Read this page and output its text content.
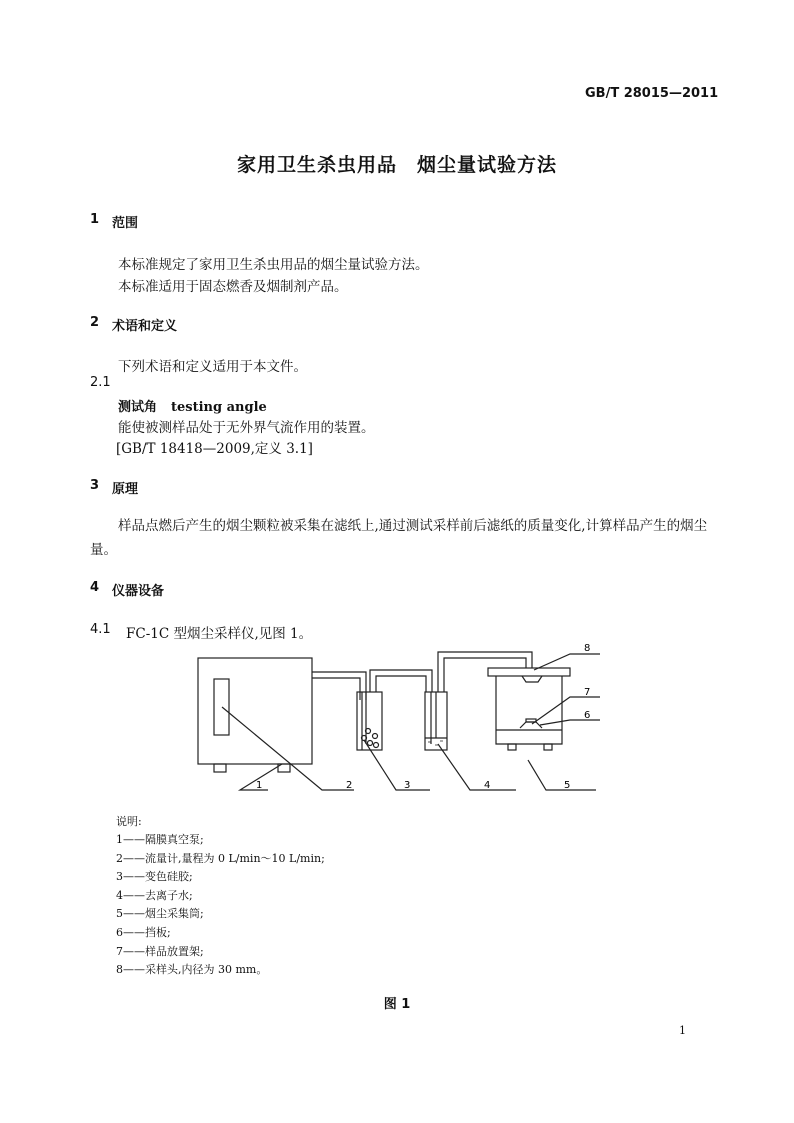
GB/T 28015—2011
家用卫生杀虫用品　烟尘量试验方法
1 范围
本标准规定了家用卫生杀虫用品的烟尘量试验方法。
本标准适用于固态燃香及烟制剂产品。
2 术语和定义
下列术语和定义适用于本文件。
2.1
测试角 testing angle
能使被测样品处于无外界气流作用的装置。
[GB/T 18418—2009,定义 3.1]
3 原理
样品点燃后产生的烟尘颗粒被采集在滤纸上,通过测试采样前后滤纸的质量变化,计算样品产生的烟尘量。
4 仪器设备
4.1 FC-1C 型烟尘采样仪,见图 1。
1	2	3	4	5
6
7
8
说明:
1——隔膜真空泵;
2——流量计,量程为 0 L/min～10 L/min;
3——变色硅胶;
4——去离子水;
5——烟尘采集筒;
6——挡板;
7——样品放置架;
8——采样头,内径为 30 mm。
图 1
1
